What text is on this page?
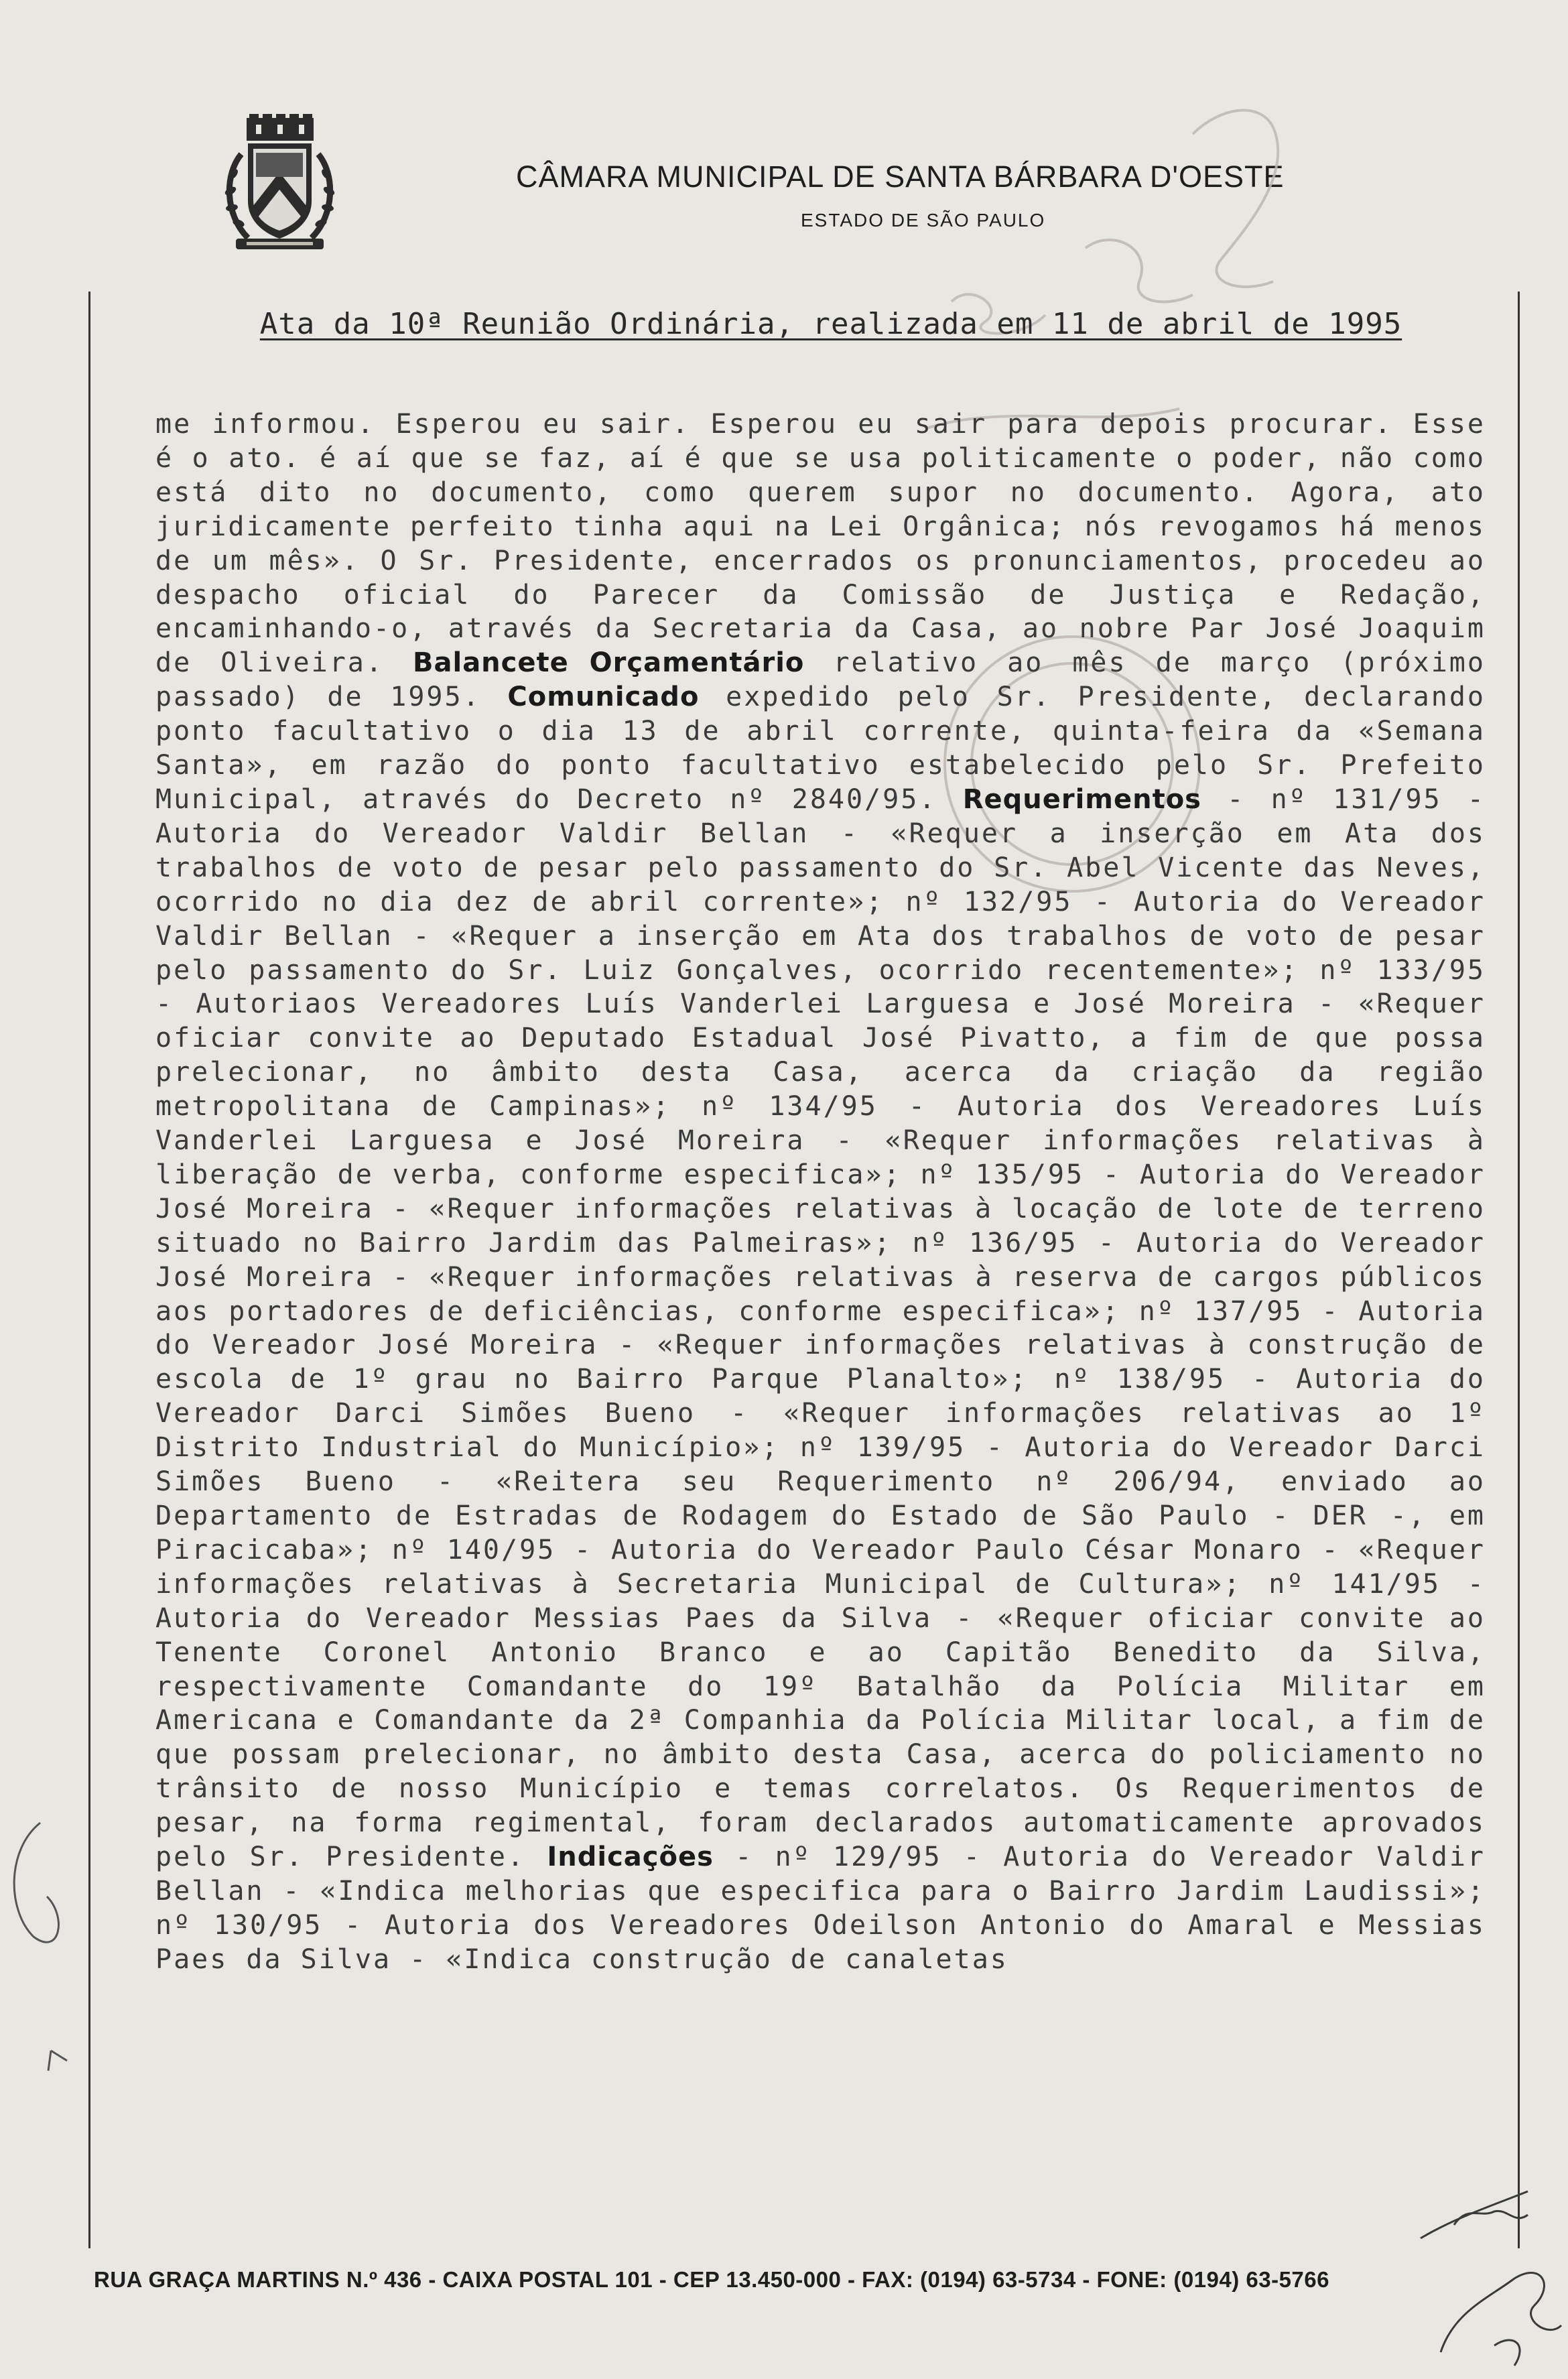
CÂMARA MUNICIPAL DE SANTA BÁRBARA D'OESTE
ESTADO DE SÃO PAULO
Ata da 10ª Reunião Ordinária, realizada em 11 de abril de 1995
me informou. Esperou eu sair. Esperou eu sair para depois procurar. Esse é o ato. é aí que se faz, aí é que se usa politicamente o poder, não como está dito no documento, como querem supor no documento. Agora, ato juridicamente perfeito tinha aqui na Lei Orgânica; nós revogamos há menos de um mês». O Sr. Presidente, encerrados os pronunciamentos, procedeu ao despacho oficial do Parecer da Comissão de Justiça e Redação, encaminhando-o, através da Secretaria da Casa, ao nobre Par José Joaquim de Oliveira. Balancete Orçamentário relativo ao mês de março (próximo passado) de 1995. Comunicado expedido pelo Sr. Presidente, declarando ponto facultativo o dia 13 de abril corrente, quinta-feira da «Semana Santa», em razão do ponto facultativo estabelecido pelo Sr. Prefeito Municipal, através do Decreto nº 2840/95. Requerimentos - nº 131/95 - Autoria do Vereador Valdir Bellan - «Requer a inserção em Ata dos trabalhos de voto de pesar pelo passamento do Sr. Abel Vicente das Neves, ocorrido no dia dez de abril corrente»; nº 132/95 - Autoria do Vereador Valdir Bellan - «Requer a inserção em Ata dos trabalhos de voto de pesar pelo passamento do Sr. Luiz Gonçalves, ocorrido recentemente»; nº 133/95 - Autoriaos Vereadores Luís Vanderlei Larguesa e José Moreira - «Requer oficiar convite ao Deputado Estadual José Pivatto, a fim de que possa prelecionar, no âmbito desta Casa, acerca da criação da região metropolitana de Campinas»; nº 134/95 - Autoria dos Vereadores Luís Vanderlei Larguesa e José Moreira - «Requer informações relativas à liberação de verba, conforme especifica»; nº 135/95 - Autoria do Vereador José Moreira - «Requer informações relativas à locação de lote de terreno situado no Bairro Jardim das Palmeiras»; nº 136/95 - Autoria do Vereador José Moreira - «Requer informações relativas à reserva de cargos públicos aos portadores de deficiências, conforme especifica»; nº 137/95 - Autoria do Vereador José Moreira - «Requer informações relativas à construção de escola de 1º grau no Bairro Parque Planalto»; nº 138/95 - Autoria do Vereador Darci Simões Bueno - «Requer informações relativas ao 1º Distrito Industrial do Município»; nº 139/95 - Autoria do Vereador Darci Simões Bueno - «Reitera seu Requerimento nº 206/94, enviado ao Departamento de Estradas de Rodagem do Estado de São Paulo - DER -, em Piracicaba»; nº 140/95 - Autoria do Vereador Paulo César Monaro - «Requer informações relativas à Secretaria Municipal de Cultura»; nº 141/95 - Autoria do Vereador Messias Paes da Silva - «Requer oficiar convite ao Tenente Coronel Antonio Branco e ao Capitão Benedito da Silva, respectivamente Comandante do 19º Batalhão da Polícia Militar em Americana e Comandante da 2ª Companhia da Polícia Militar local, a fim de que possam prelecionar, no âmbito desta Casa, acerca do policiamento no trânsito de nosso Município e temas correlatos. Os Requerimentos de pesar, na forma regimental, foram declarados automaticamente aprovados pelo Sr. Presidente. Indicações - nº 129/95 - Autoria do Vereador Valdir Bellan - «Indica melhorias que especifica para o Bairro Jardim Laudissi»; nº 130/95 - Autoria dos Vereadores Odeilson Antonio do Amaral e Messias Paes da Silva - «Indica construção de canaletas
RUA GRAÇA MARTINS N.º 436 - CAIXA POSTAL 101 - CEP 13.450-000 - FAX: (0194) 63-5734 - FONE: (0194) 63-5766
